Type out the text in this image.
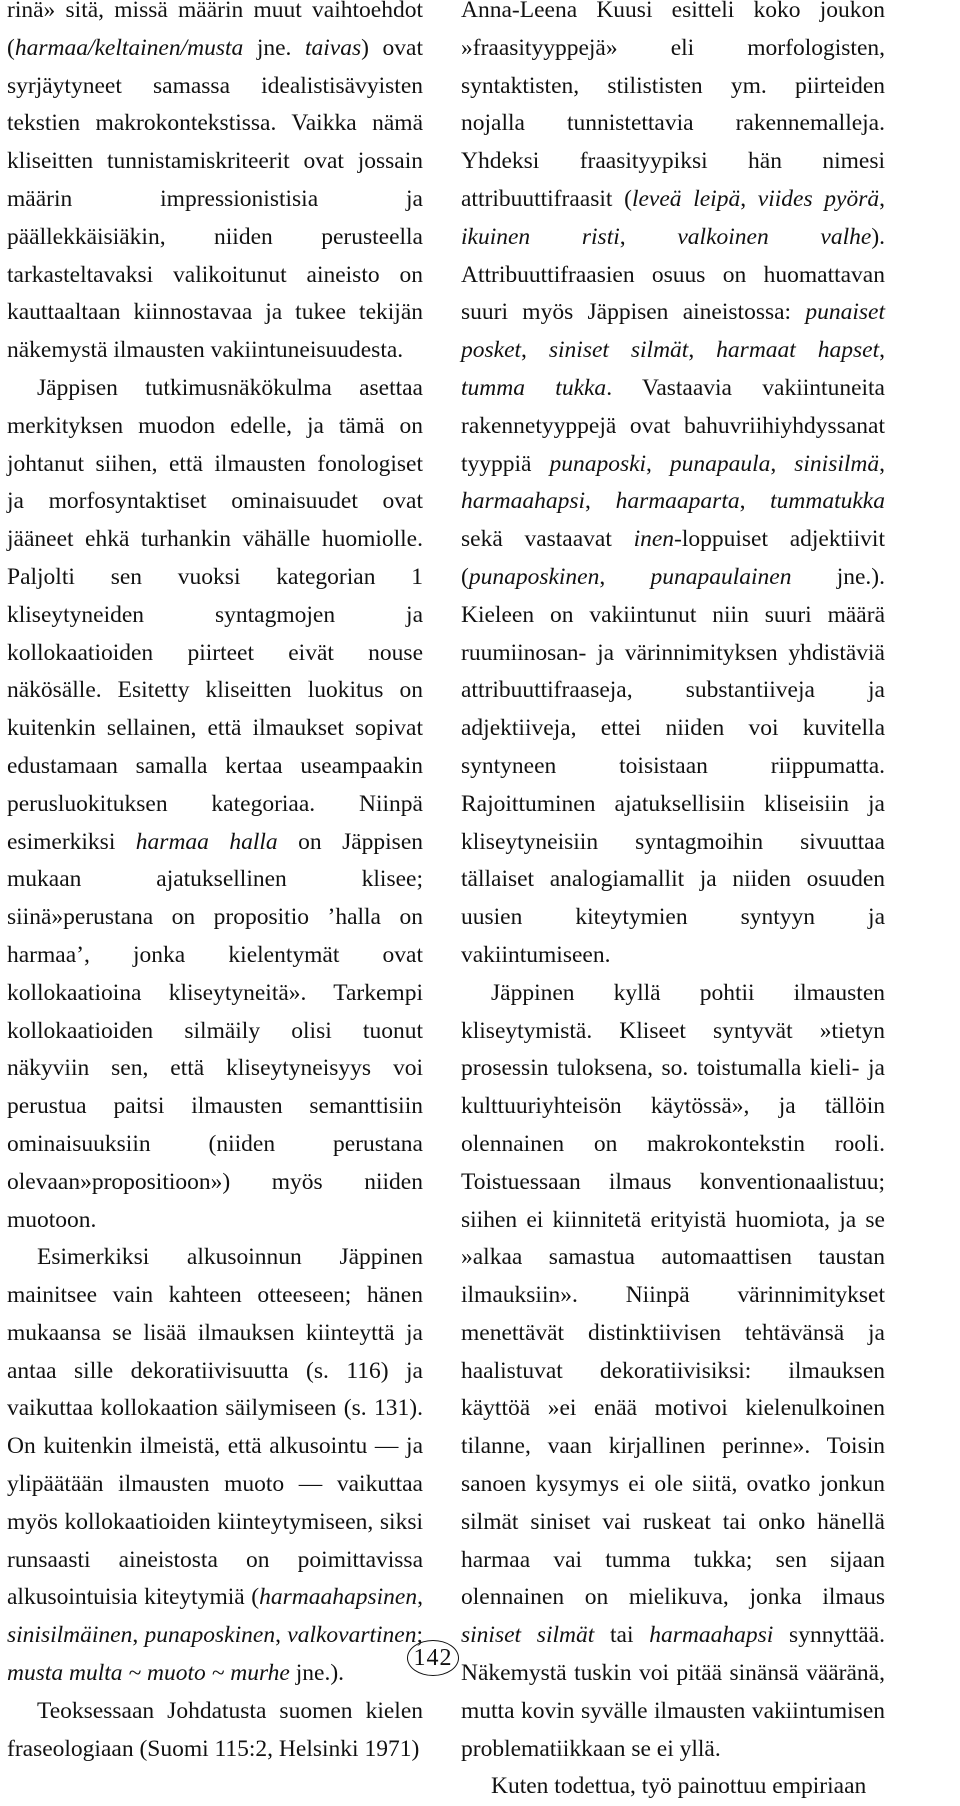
rinä» sitä, missä määrin muut vaihtoehdot (harmaa/keltainen/musta jne. taivas) ovat syrjäytyneet samassa idealistisävyisten tekstien makrokontekstissa. Vaikka nämä kliseitten tunnistamiskriteerit ovat jossain määrin impressionistisia ja päällekkäisiäkin, niiden perusteella tarkasteltavaksi valikoitunut aineisto on kauttaaltaan kiinnostavaa ja tukee tekijän näkemystä ilmausten vakiintuneisuudesta.

Jäppisen tutkimusnäkökulma asettaa merkityksen muodon edelle, ja tämä on johtanut siihen, että ilmausten fonologiset ja morfosyntaktiset ominaisuudet ovat jääneet ehkä turhankin vähälle huomiolle. Paljolti sen vuoksi kategorian 1 kliseytyneiden syntagmojen ja kollokaatioiden piirteet eivät nouse näkösälle. Esitetty kliseitten luokitus on kuitenkin sellainen, että ilmaukset sopivat edustamaan samalla kertaa useampaakin perusluokituksen kategoriaa. Niinpä esimerkiksi harmaa halla on Jäppisen mukaan ajatuksellinen klisee; siinä»perustana on propositio ’halla on harmaa’, jonka kielentymät ovat kollokaatioina kliseytyneitä». Tarkempi kollokaatioiden silmäily olisi tuonut näkyviin sen, että kliseytyneisyys voi perustua paitsi ilmausten semanttisiin ominaisuuksiin (niiden perustana olevaan»propositioon») myös niiden muotoon.

Esimerkiksi alkusoinnun Jäppinen mainitsee vain kahteen otteeseen; hänen mukaansa se lisää ilmauksen kiinteyttä ja antaa sille dekoratiivisuutta (s. 116) ja vaikuttaa kollokaation säilymiseen (s. 131). On kuitenkin ilmeistä, että alkusointu — ja ylipäätään ilmausten muoto — vaikuttaa myös kollokaatioiden kiinteytymiseen, siksi runsaasti aineistosta on poimittavissa alkusointuisia kiteytymiä (harmaahapsinen, sinisilmäinen, punaposkinen, valkovartinen; musta multa ~ muoto ~ murhe jne.).

Teoksessaan Johdatusta suomen kielen fraseologiaan (Suomi 115:2, Helsinki 1971)

Anna-Leena Kuusi esitteli koko joukon »fraasityyppejä» eli morfologisten, syntaktisten, stilististen ym. piirteiden nojalla tunnistettavia rakennemalleja. Yhdeksi fraasityypiksi hän nimesi attribuuttifraasit (leveä leipä, viides pyörä, ikuinen risti, valkoinen valhe). Attribuuttifraasien osuus on huomattavan suuri myös Jäppisen aineistossa: punaiset posket, siniset silmät, harmaat hapset, tumma tukka. Vastaavia vakiintuneita rakennetyyppejä ovat bahuvriihiyhdyssanat tyyppiä punaposki, punapaula, sinisilmä, harmaahapsi, harmaaparta, tummatukka sekä vastaavat inen-loppuiset adjektiivit (punaposkinen, punapaulainen jne.). Kieleen on vakiintunut niin suuri määrä ruumiinosan- ja värinnimityksen yhdistäviä attribuuttifraaseja, substantiiveja ja adjektiiveja, ettei niiden voi kuvitella syntyneen toisistaan riippumatta. Rajoittuminen ajatuksellisiin kliseisiin ja kliseytyneisiin syntagmoihin sivuuttaa tällaiset analogiamallit ja niiden osuuden uusien kiteytymien syntyyn ja vakiintumiseen.

Jäppinen kyllä pohtii ilmausten kliseytymistä. Kliseet syntyvät »tietyn prosessin tuloksena, so. toistumalla kieli- ja kulttuuriyhteisön käytössä», ja tällöin olennainen on makrokontekstin rooli. Toistuessaan ilmaus konventionaalistuu; siihen ei kiinnitetä erityistä huomiota, ja se »alkaa samastua automaattisen taustan ilmauksiin». Niinpä värinnimitykset menettävät distinktiivisen tehtävänsä ja haalistuvat dekoratiivisiksi: ilmauksen käyttöä »ei enää motivoi kielenulkoinen tilanne, vaan kirjallinen perinne». Toisin sanoen kysymys ei ole siitä, ovatko jonkun silmät siniset vai ruskeat tai onko hänellä harmaa vai tumma tukka; sen sijaan olennainen on mielikuva, jonka ilmaus siniset silmät tai harmaahapsi synnyttää. Näkemystä tuskin voi pitää sinänsä vääränä, mutta kovin syvälle ilmausten vakiintumisen problematiikkaan se ei yllä.

Kuten todettua, työ painottuu empiriaan

142
